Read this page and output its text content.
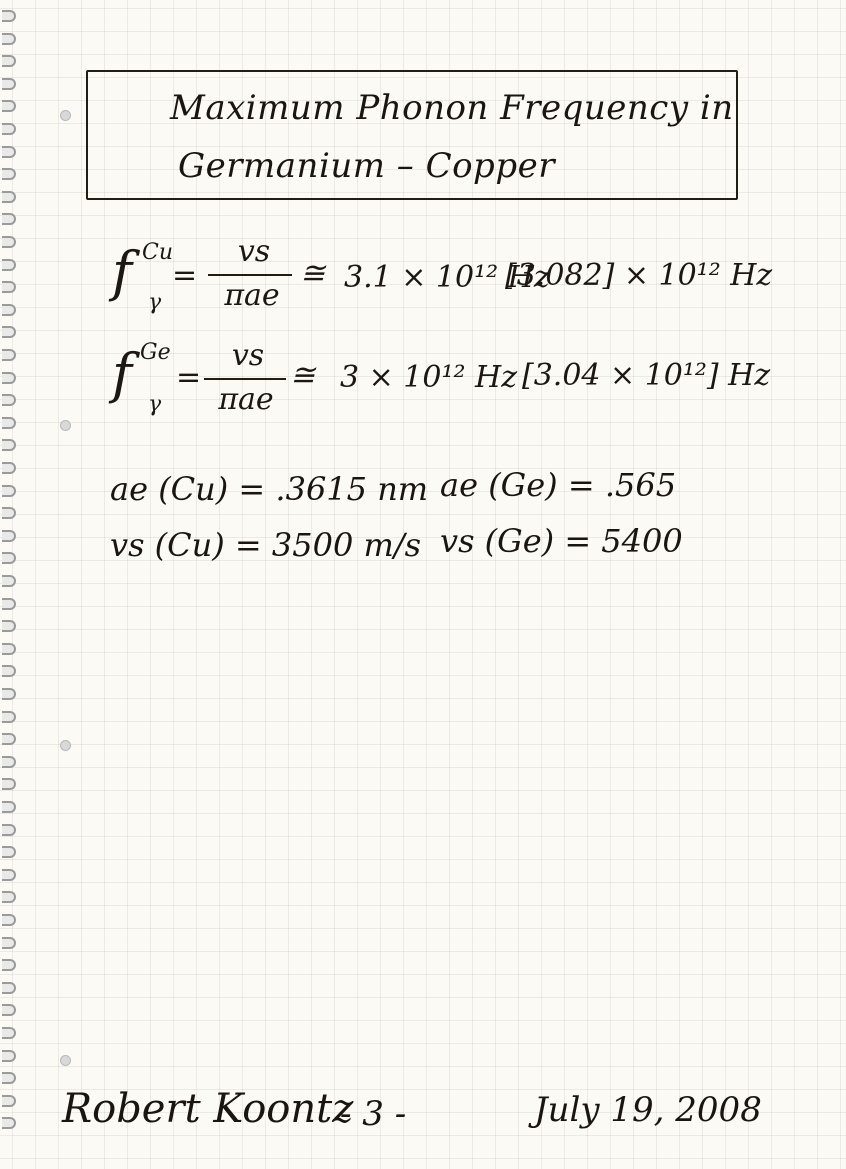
Maximum Phonon Frequency in
Germanium – Copper
f Cu
γ
=
vs
πae
≅ 3.1 × 10¹² Hz
[3.082] × 10¹² Hz
f Ge
γ
=
vs
πae
≅ 3 × 10¹² Hz [3.04 × 10¹²] Hz
ae (Cu) = .3615 nm
vs (Cu) = 3500 m/s
ae (Ge) = .565
vs (Ge) = 5400
Robert Koontz
- 3 -	July 19, 2008
